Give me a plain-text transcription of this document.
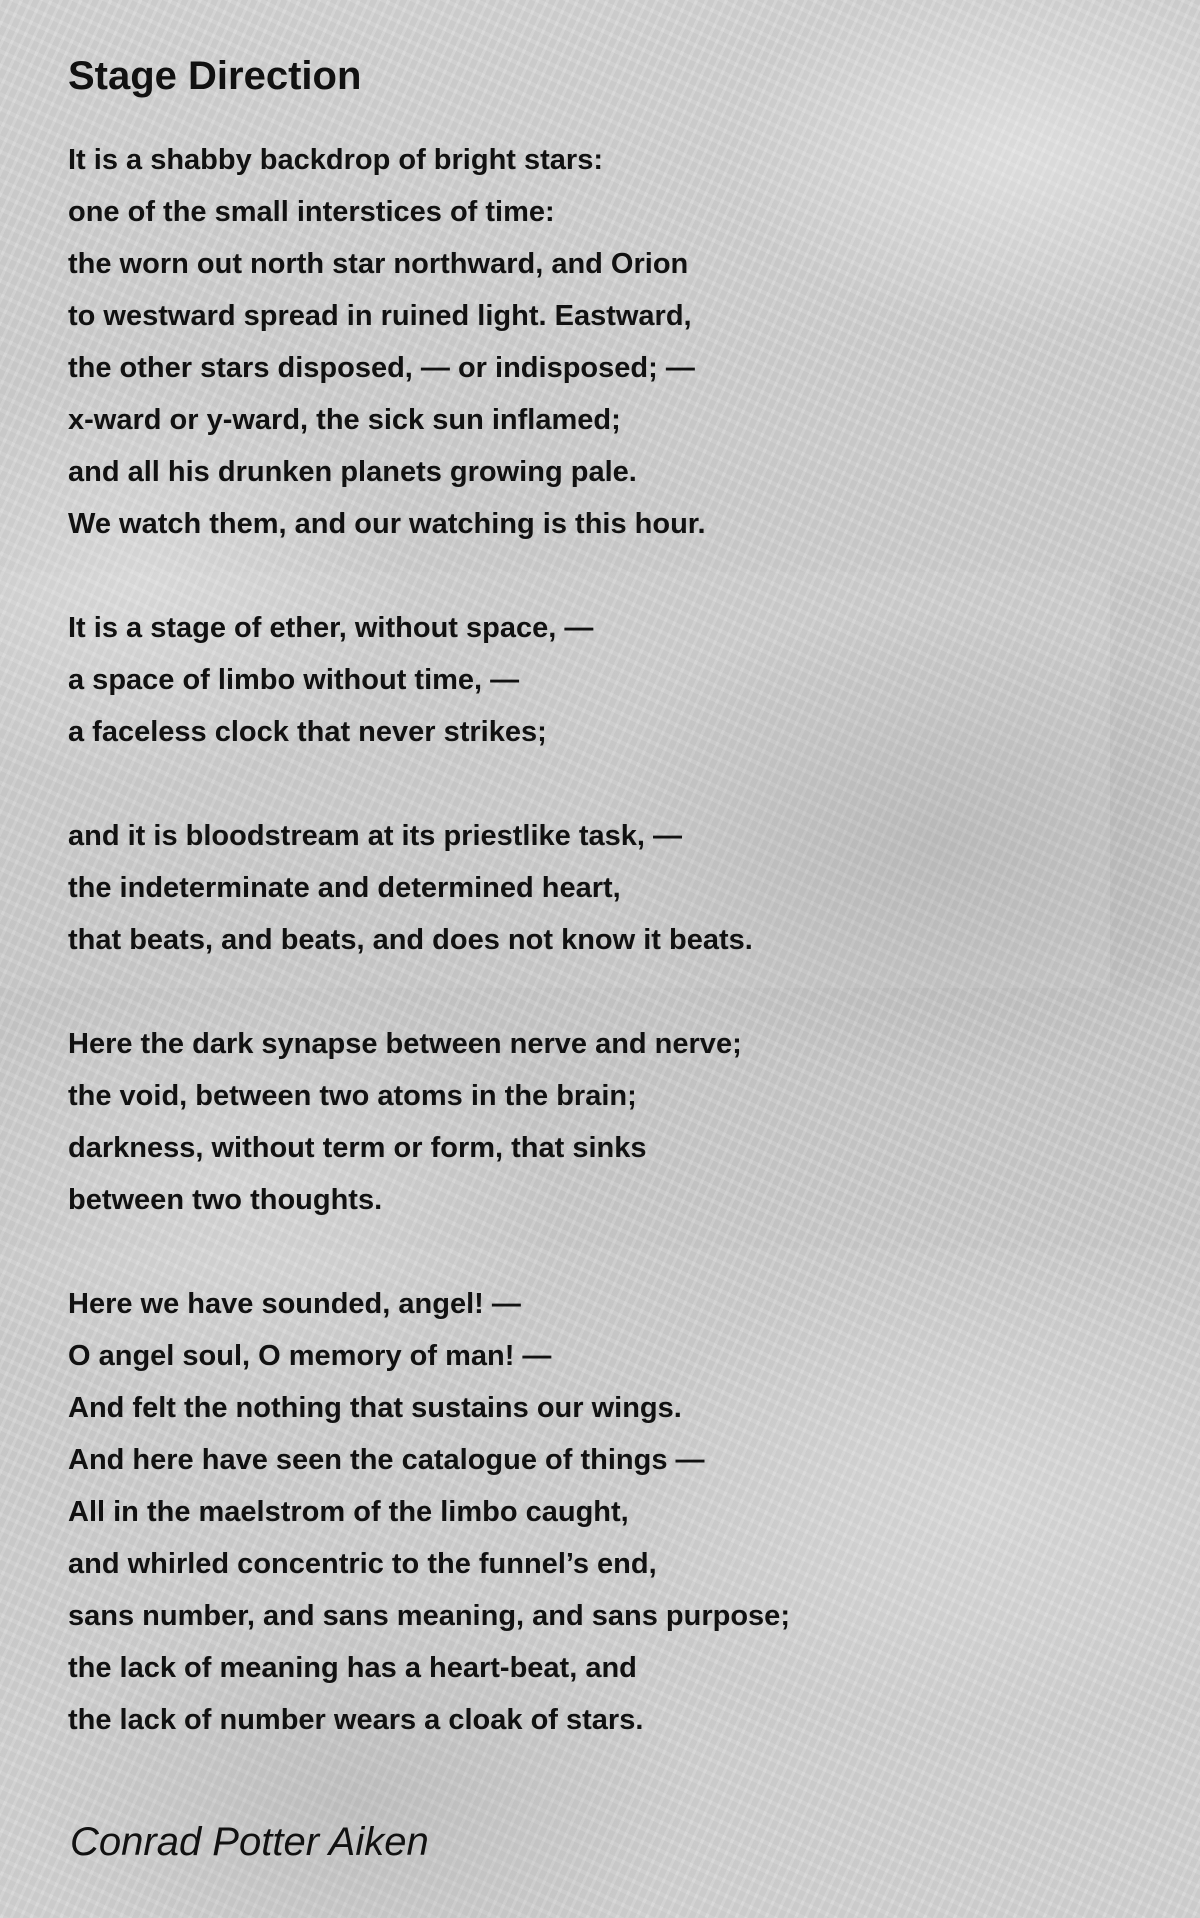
Stage Direction
It is a shabby backdrop of bright stars:
one of the small interstices of time:
the worn out north star northward, and Orion
to westward spread in ruined light. Eastward,
the other stars disposed, — or indisposed; —
x-ward or y-ward, the sick sun inflamed;
and all his drunken planets growing pale.
We watch them, and our watching is this hour.
It is a stage of ether, without space, —
a space of limbo without time, —
a faceless clock that never strikes;
and it is bloodstream at its priestlike task, —
the indeterminate and determined heart,
that beats, and beats, and does not know it beats.
Here the dark synapse between nerve and nerve;
the void, between two atoms in the brain;
darkness, without term or form, that sinks
between two thoughts.
Here we have sounded, angel! —
O angel soul, O memory of man! —
And felt the nothing that sustains our wings.
And here have seen the catalogue of things —
All in the maelstrom of the limbo caught,
and whirled concentric to the funnel’s end,
sans number, and sans meaning, and sans purpose;
the lack of meaning has a heart-beat, and
the lack of number wears a cloak of stars.
Conrad Potter Aiken
